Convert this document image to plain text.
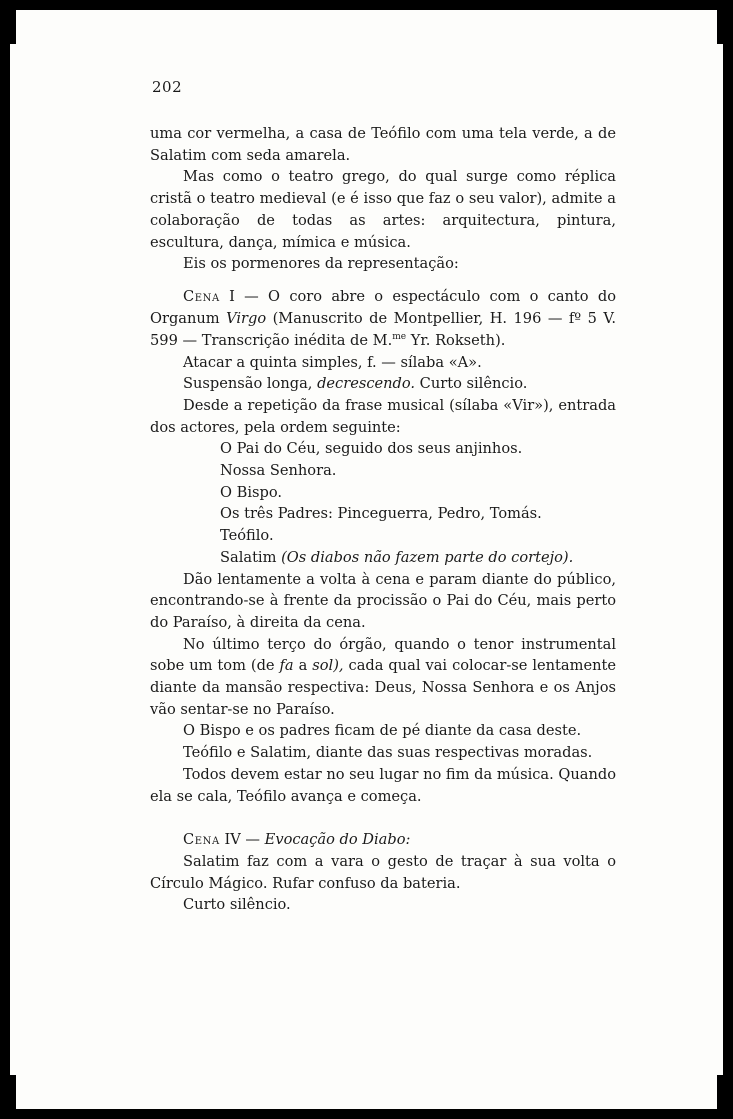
202

uma cor vermelha, a casa de Teófilo com uma tela verde, a de Salatim com seda amarela.

Mas como o teatro grego, do qual surge como réplica cristã o teatro medieval (e é isso que faz o seu valor), admite a colaboração de todas as artes: arquitectura, pintura, escultura, dança, mímica e música.

Eis os pormenores da representação:

Cena I — O coro abre o espectáculo com o canto do Organum Virgo (Manuscrito de Montpellier, H. 196 — fº 5 V. 599 — Transcrição inédita de M.$^{me}$ Yr. Rokseth).

Atacar a quinta simples, f. — sílaba «A».

Suspensão longa, decrescendo. Curto silêncio.

Desde a repetição da frase musical (sílaba «Vir»), entrada dos actores, pela ordem seguinte:

O Pai do Céu, seguido dos seus anjinhos.

Nossa Senhora.

O Bispo.

Os três Padres: Pinceguerra, Pedro, Tomás.

Teófilo.

Salatim (Os diabos não fazem parte do cortejo).

Dão lentamente a volta à cena e param diante do público, encontrando-se à frente da procissão o Pai do Céu, mais perto do Paraíso, à direita da cena.

No último terço do órgão, quando o tenor instrumental sobe um tom (de fa a sol), cada qual vai colocar-se lentamente diante da mansão respectiva: Deus, Nossa Senhora e os Anjos vão sentar-se no Paraíso.

O Bispo e os padres ficam de pé diante da casa deste.

Teófilo e Salatim, diante das suas respectivas moradas.

Todos devem estar no seu lugar no fim da música. Quando ela se cala, Teófilo avança e começa.

Cena IV — Evocação do Diabo:

Salatim faz com a vara o gesto de traçar à sua volta o Círculo Mágico. Rufar confuso da bateria.

Curto silêncio.
